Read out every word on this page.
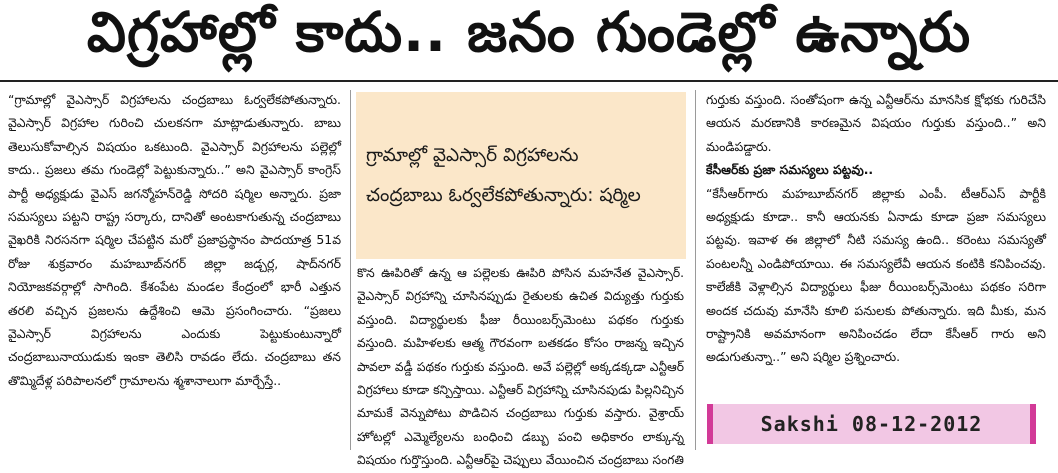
విగ్రహాల్లో కాదు.. జనం గుండెల్లో ఉన్నారు

“గ్రామాల్లో వైఎస్సార్ విగ్రహాలను చంద్రబాబు ఓర్వలేకపోతున్నారు. వైఎస్సార్ విగ్రహాల గురించి చులకనగా మాట్లాడుతున్నారు. బాబు తెలుసుకోవాల్సిన విషయం ఒకటుంది. వైఎస్సార్ విగ్రహాలను పల్లెల్లో కాదు.. ప్రజలు తమ గుండెల్లో పెట్టుకున్నారు..” అని వైఎస్సార్ కాంగ్రెస్ పార్టీ అధ్యక్షుడు వైఎస్ జగన్మోహన్‌రెడ్డి సోదరి షర్మిల అన్నారు. ప్రజా సమస్యలు పట్టని రాష్ట్ర సర్కారు, దానితో అంటకాగుతున్న చంద్రబాబు వైఖరికి నిరసనగా షర్మిల చేపట్టిన మరో ప్రజాప్రస్థానం పాదయాత్ర 51వ రోజు శుక్రవారం మహబూబ్‌నగర్ జిల్లా జడ్చర్ల, షాద్‌నగర్ నియోజకవర్గాల్లో సాగింది. కేశంపేట మండల కేంద్రంలో భారీ ఎత్తున తరలి వచ్చిన ప్రజలను ఉద్దేశించి ఆమె ప్రసంగించారు. “ప్రజలు వైఎస్సార్ విగ్రహాలను ఎందుకు పెట్టుకుంటున్నారో చంద్రబాబునాయుడుకు ఇంకా తెలిసి రావడం లేదు. చంద్రబాబు తన తొమ్మిదేళ్ల పరిపాలనలో గ్రామాలను శ్మశానాలుగా మార్చేస్తే..

గ్రామాల్లో వైఎస్సార్ విగ్రహాలను
చంద్రబాబు ఓర్వలేకపోతున్నారు: షర్మిల

కొన ఊపిరితో ఉన్న ఆ పల్లెలకు ఊపిరి పోసిన మహనేత వైఎస్సార్. వైఎస్సార్ విగ్రహాన్ని చూసినప్పుడు రైతులకు ఉచిత విద్యుత్తు గుర్తుకు వస్తుంది. విద్యార్థులకు ఫీజు రీయింబర్స్‌మెంటు పథకం గుర్తుకు వస్తుంది. మహిళలకు ఆత్మ గౌరవంగా బతకడం కోసం రాజన్న ఇచ్చిన పావలా వడ్డీ పథకం గుర్తుకు వస్తుంది. అవే పల్లెల్లో అక్కడక్కడా ఎన్టీఆర్ విగ్రహాలు కూడా కన్పిస్తాయి. ఎన్టీఆర్ విగ్రహాన్ని చూసినపుడు పిల్లనిచ్చిన మామకే వెన్నుపోటు పొడిచిన చంద్రబాబు గుర్తుకు వస్తారు. వైశ్రాయ్ హోటల్లో ఎమ్మెల్యేలను బంధించి డబ్బు పంచి అధికారం లాక్కున్న విషయం గుర్తొస్తుంది. ఎన్టీఆర్‌పై చెప్పులు వేయించిన చంద్రబాబు సంగతి

గుర్తుకు వస్తుంది. సంతోషంగా ఉన్న ఎన్టీఆర్‌ను మానసిక క్షోభకు గురిచేసి ఆయన మరణానికి కారణమైన విషయం గుర్తుకు వస్తుంది..” అని మండిపడ్డారు.

కేసీఆర్‌కు ప్రజా సమస్యలు పట్టవు..

“కేసీఆర్‌గారు మహబూబ్‌నగర్ జిల్లాకు ఎంపీ. టీఆర్‌ఎస్ పార్టీకి అధ్యక్షుడు కూడా.. కానీ ఆయనకు ఏనాడు కూడా ప్రజా సమస్యలు పట్టవు. ఇవాళ ఈ జిల్లాలో నీటి సమస్య ఉంది.. కరెంటు సమస్యతో పంటలన్నీ ఎండిపోయాయి. ఈ సమస్యలేవీ ఆయన కంటికి కనిపించవు. కాలేజీకి వెళ్లాల్సిన విద్యార్థులు ఫీజు రీయింబర్స్‌మెంటు పథకం సరిగా అందక చదువు మానేసి కూలి పనులకు పోతున్నారు. ఇది మీకు, మన రాష్ట్రానికి అవమానంగా అనిపించడం లేదా కేసీఆర్ గారు అని అడుగుతున్నా..” అని షర్మిల ప్రశ్నించారు.

Sakshi 08-12-2012
